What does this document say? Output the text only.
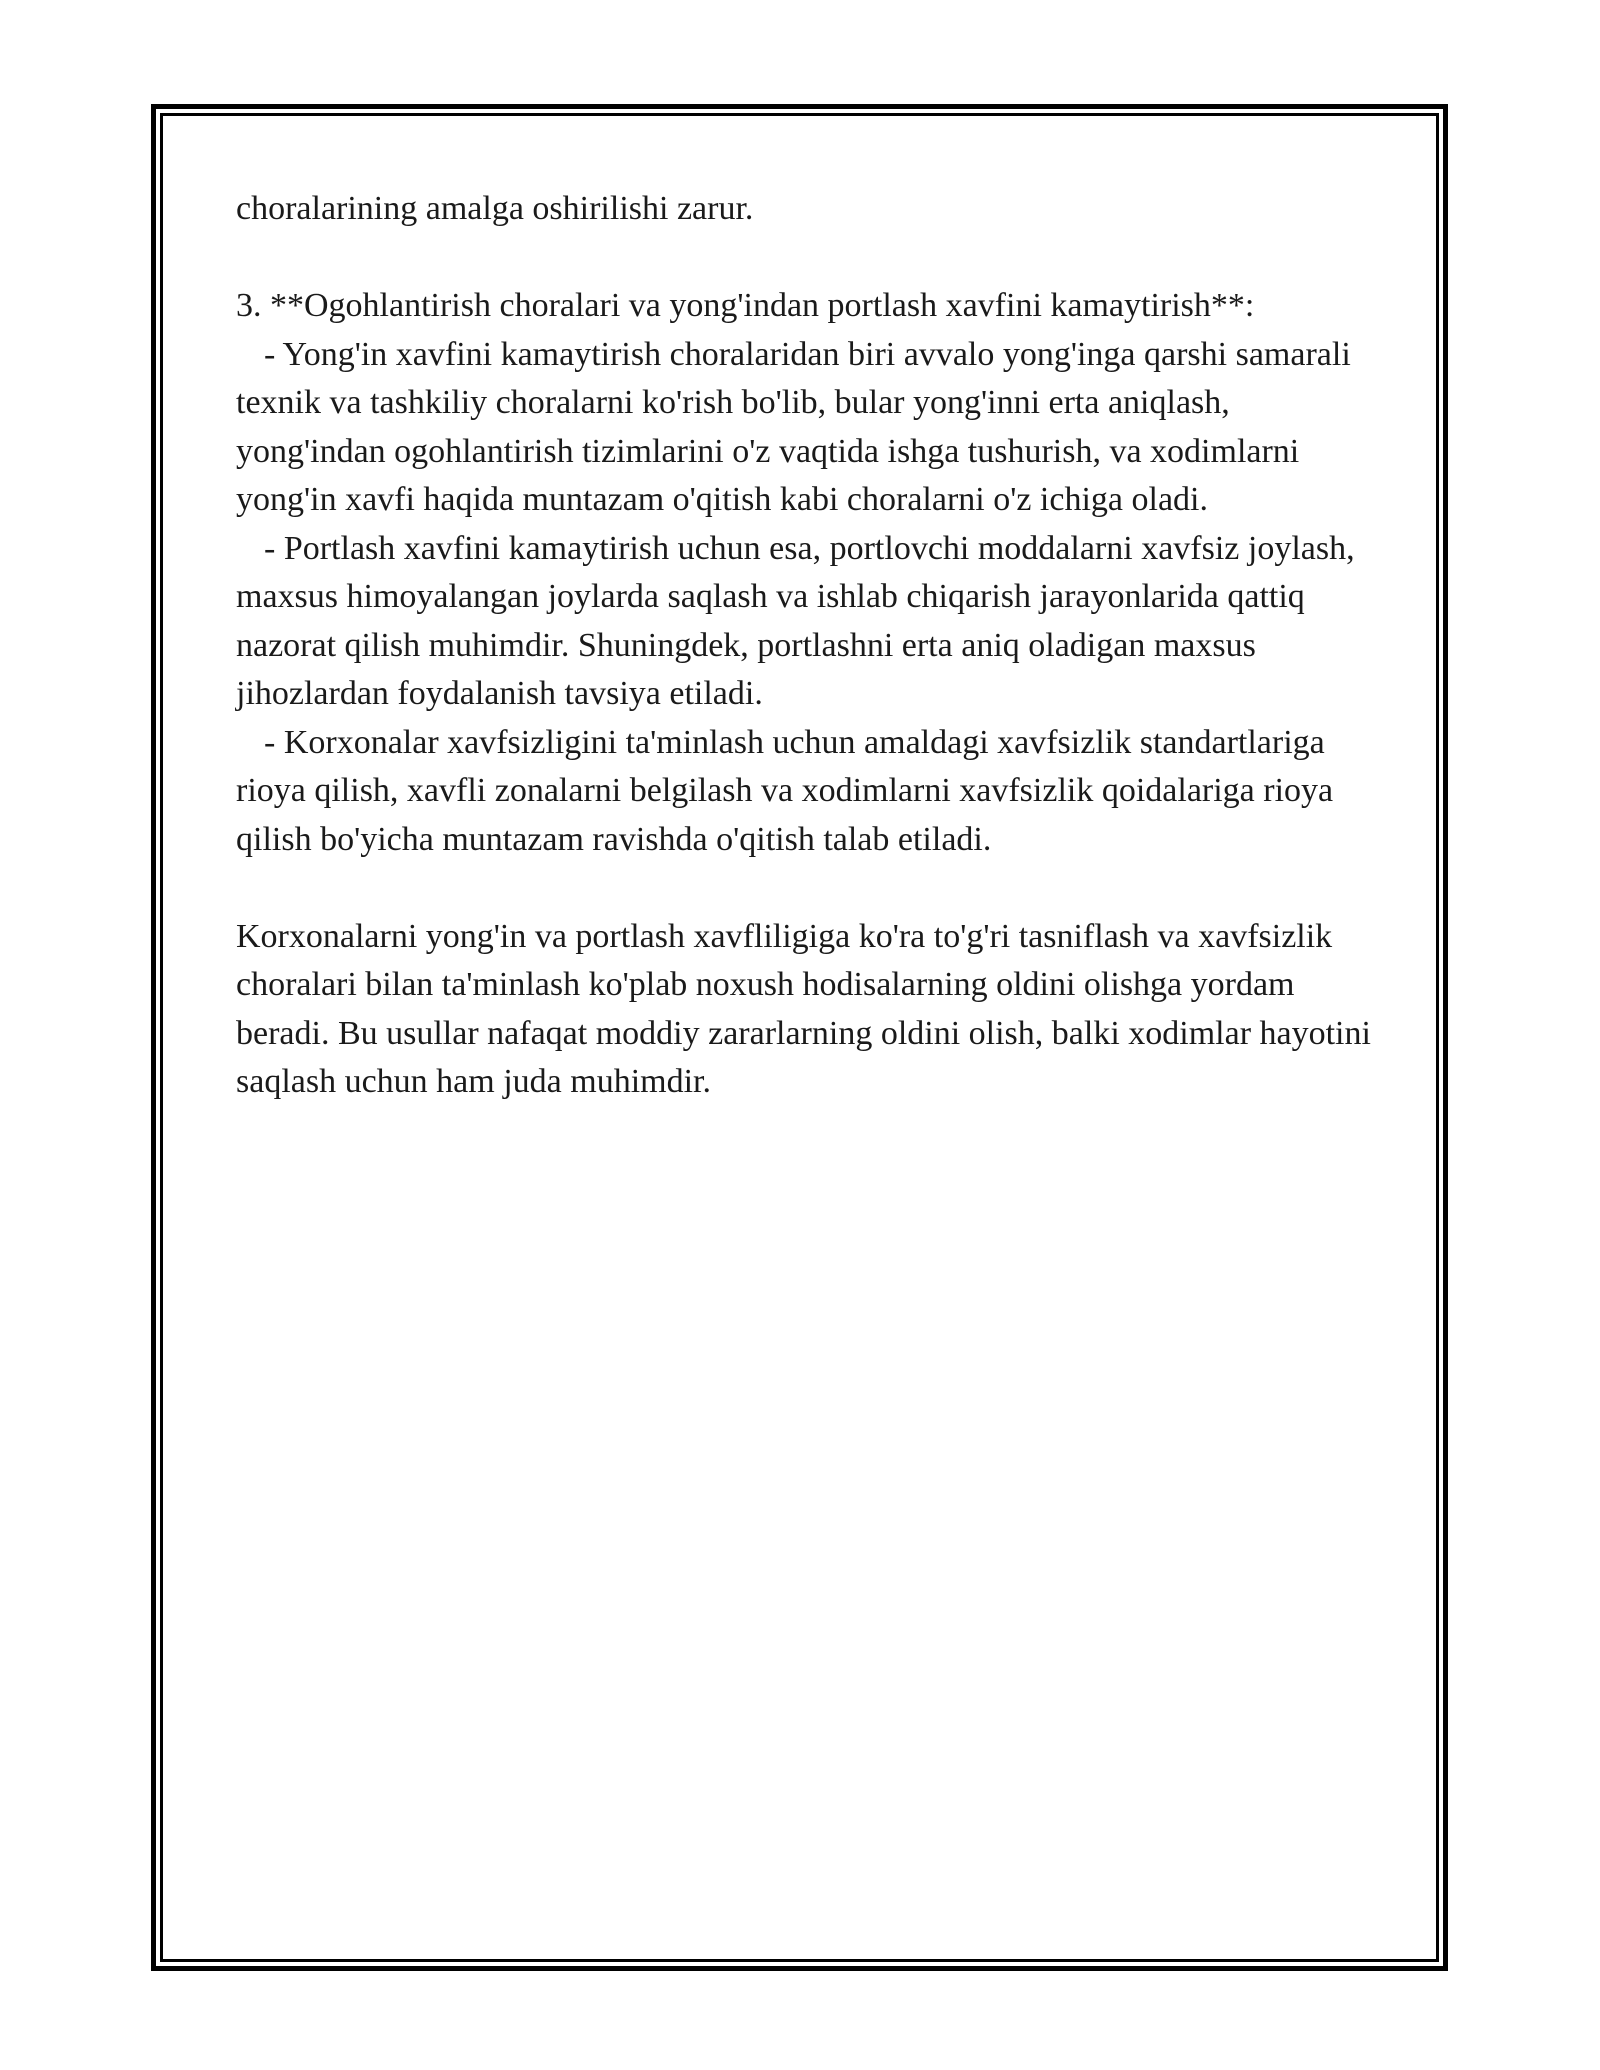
choralarining amalga oshirilishi zarur.

3. **Ogohlantirish choralari va yong'indan portlash xavfini kamaytirish**:

- Yong'in xavfini kamaytirish choralaridan biri avvalo yong'inga qarshi samarali texnik va tashkiliy choralarni ko'rish bo'lib, bular yong'inni erta aniqlash, yong'indan ogohlantirish tizimlarini o'z vaqtida ishga tushurish, va xodimlarni yong'in xavfi haqida muntazam o'qitish kabi choralarni o'z ichiga oladi.

- Portlash xavfini kamaytirish uchun esa, portlovchi moddalarni xavfsiz joylash, maxsus himoyalangan joylarda saqlash va ishlab chiqarish jarayonlarida qattiq nazorat qilish muhimdir. Shuningdek, portlashni erta aniq oladigan maxsus jihozlardan foydalanish tavsiya etiladi.

- Korxonalar xavfsizligini ta'minlash uchun amaldagi xavfsizlik standartlariga rioya qilish, xavfli zonalarni belgilash va xodimlarni xavfsizlik qoidalariga rioya qilish bo'yicha muntazam ravishda o'qitish talab etiladi.

Korxonalarni yong'in va portlash xavfliligiga ko'ra to'g'ri tasniflash va xavfsizlik choralari bilan ta'minlash ko'plab noxush hodisalarning oldini olishga yordam beradi. Bu usullar nafaqat moddiy zararlarning oldini olish, balki xodimlar hayotini saqlash uchun ham juda muhimdir.
